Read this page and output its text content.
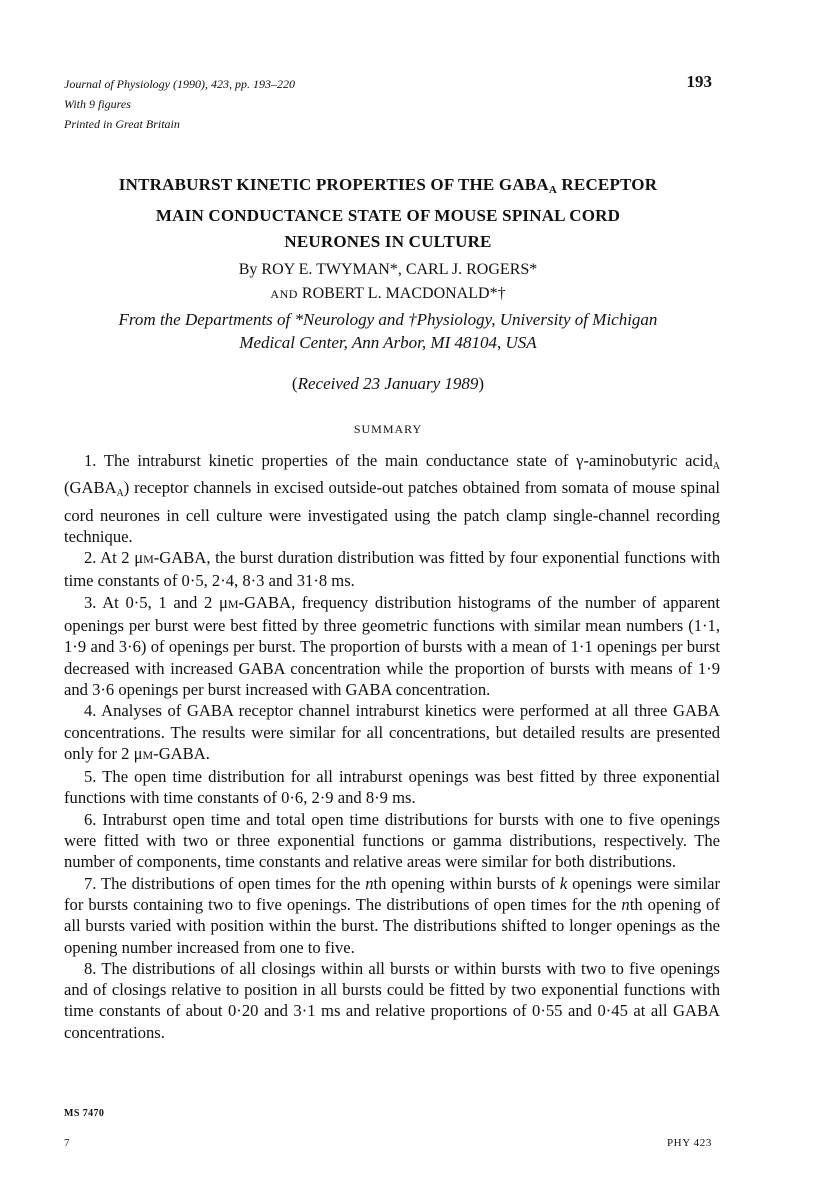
Journal of Physiology (1990), 423, pp. 193–220
With 9 figures
Printed in Great Britain
193
INTRABURST KINETIC PROPERTIES OF THE $GABA_A$ RECEPTOR
MAIN CONDUCTANCE STATE OF MOUSE SPINAL CORD
NEURONES IN CULTURE
By ROY E. TWYMAN*, CARL J. ROGERS*
AND ROBERT L. MACDONALD*†
From the Departments of *Neurology and †Physiology, University of Michigan
Medical Center, Ann Arbor, MI 48104, USA
(Received 23 January 1989)
SUMMARY

1. The intraburst kinetic properties of the main conductance state of γ-aminobutyric acidA (GABAA) receptor channels in excised outside-out patches obtained from somata of mouse spinal cord neurones in cell culture were investigated using the patch clamp single-channel recording technique.

2. At 2 μM-GABA, the burst duration distribution was fitted by four exponential functions with time constants of 0·5, 2·4, 8·3 and 31·8 ms.

3. At 0·5, 1 and 2 μM-GABA, frequency distribution histograms of the number of apparent openings per burst were best fitted by three geometric functions with similar mean numbers (1·1, 1·9 and 3·6) of openings per burst. The proportion of bursts with a mean of 1·1 openings per burst decreased with increased GABA concentration while the proportion of bursts with means of 1·9 and 3·6 openings per burst increased with GABA concentration.

4. Analyses of GABA receptor channel intraburst kinetics were performed at all three GABA concentrations. The results were similar for all concentrations, but detailed results are presented only for 2 μM-GABA.

5. The open time distribution for all intraburst openings was best fitted by three exponential functions with time constants of 0·6, 2·9 and 8·9 ms.

6. Intraburst open time and total open time distributions for bursts with one to five openings were fitted with two or three exponential functions or gamma distributions, respectively. The number of components, time constants and relative areas were similar for both distributions.

7. The distributions of open times for the nth opening within bursts of k openings were similar for bursts containing two to five openings. The distributions of open times for the nth opening of all bursts varied with position within the burst. The distributions shifted to longer openings as the opening number increased from one to five.

8. The distributions of all closings within all bursts or within bursts with two to five openings and of closings relative to position in all bursts could be fitted by two exponential functions with time constants of about 0·20 and 3·1 ms and relative proportions of 0·55 and 0·45 at all GABA concentrations.

MS 7470
7	PHY 423
